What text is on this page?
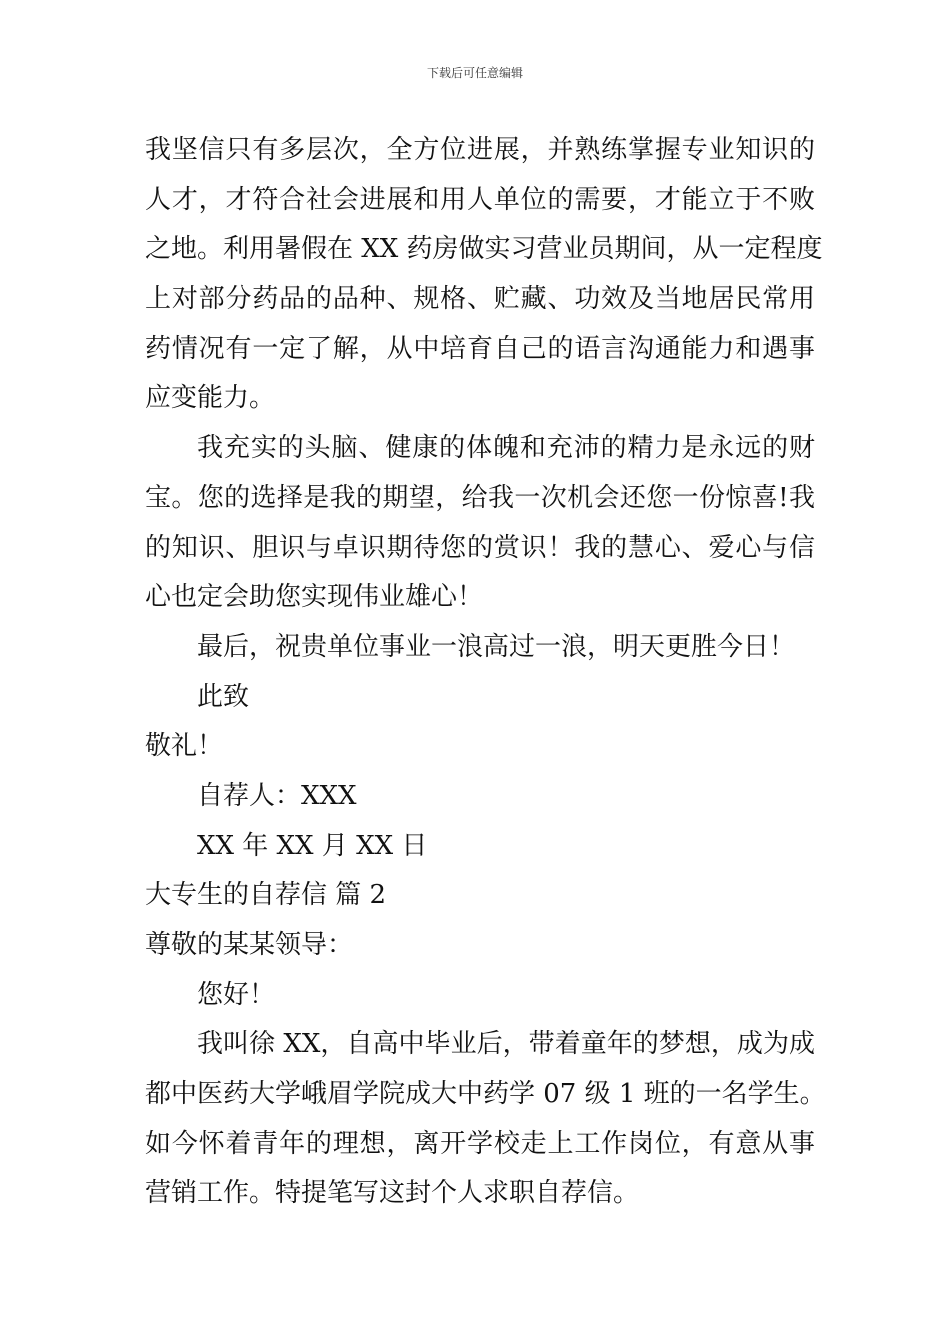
下载后可任意编辑
我坚信只有多层次，全方位进展，并熟练掌握专业知识的
人才，才符合社会进展和用人单位的需要，才能立于不败
之地。利用暑假在 XX 药房做实习营业员期间，从一定程度
上对部分药品的品种、规格、贮藏、功效及当地居民常用
药情况有一定了解，从中培育自己的语言沟通能力和遇事
应变能力。
我充实的头脑、健康的体魄和充沛的精力是永远的财
宝。您的选择是我的期望，给我一次机会还您一份惊喜!我
的知识、胆识与卓识期待您的赏识！我的慧心、爱心与信
心也定会助您实现伟业雄心！
最后，祝贵单位事业一浪高过一浪，明天更胜今日！
此致
敬礼！
自荐人：XXX
XX 年 XX 月 XX 日
大专生的自荐信 篇 2
尊敬的某某领导：
您好！
我叫徐 XX，自高中毕业后，带着童年的梦想，成为成
都中医药大学峨眉学院成大中药学 07 级 1 班的一名学生。
如今怀着青年的理想，离开学校走上工作岗位，有意从事
营销工作。特提笔写这封个人求职自荐信。
